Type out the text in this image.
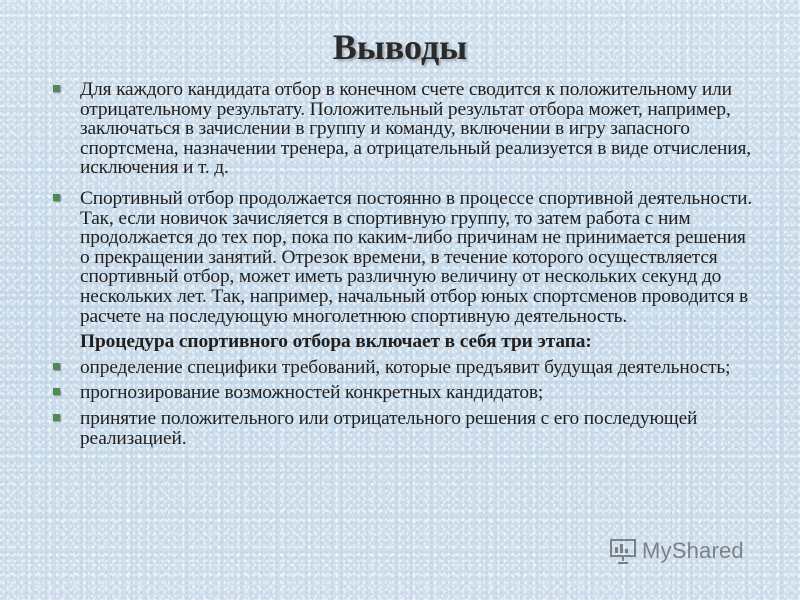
Выводы
Для каждого кандидата отбор в конечном счете сводится к положительному или отрицательному результату. Положительный результат отбора может, например, заключаться в зачислении в группу и команду, включении в игру запасного спортсмена, назначении тренера, а отрицательный реализуется в виде отчисления, исключения и т. д.
Спортивный отбор продолжается постоянно в процессе спортивной деятельности. Так, если новичок зачисляется в спортивную группу, то затем работа с ним продолжается до тех пор, пока по каким-либо причинам не принимается решения о прекращении занятий. Отрезок времени, в течение которого осуществляется спортивный отбор, может иметь различную величину от нескольких секунд до нескольких лет. Так, например, начальный отбор юных спортсменов проводится в расчете на последующую многолетнюю спортивную деятельность.
Процедура спортивного отбора включает в себя три этапа:
определение специфики требований, которые предъявит будущая деятельность;
прогнозирование возможностей конкретных кандидатов;
принятие положительного или отрицательного решения с его последующей реализацией.
MyShared
